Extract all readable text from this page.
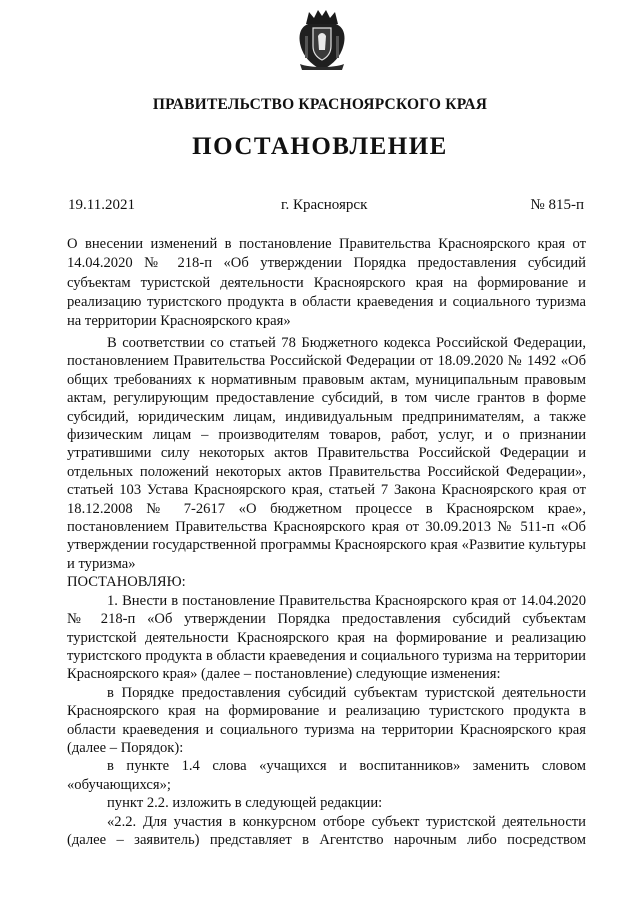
ПРАВИТЕЛЬСТВО КРАСНОЯРСКОГО КРАЯ
ПОСТАНОВЛЕНИЕ
19.11.2021	г. Красноярск	№ 815-п
О внесении изменений в постановление Правительства Красноярского края от 14.04.2020 № 218-п «Об утверждении Порядка предоставления субсидий субъектам туристской деятельности Красноярского края на формирование и реализацию туристского продукта в области краеведения и социального туризма на территории Красноярского края»

В соответствии со статьей 78 Бюджетного кодекса Российской Федерации, постановлением Правительства Российской Федерации от 18.09.2020 № 1492 «Об общих требованиях к нормативным правовым актам, муниципальным правовым актам, регулирующим предоставление субсидий, в том числе грантов в форме субсидий, юридическим лицам, индивидуальным предпринимателям, а также физическим лицам – производителям товаров, работ, услуг, и о признании утратившими силу некоторых актов Правительства Российской Федерации и отдельных положений некоторых актов Правительства Российской Федерации», статьей 103 Устава Красноярского края, статьей 7 Закона Красноярского края от 18.12.2008 № 7-2617 «О бюджетном процессе в Красноярском крае», постановлением Правительства Красноярского края от 30.09.2013 № 511-п «Об утверждении государственной программы Красноярского края «Развитие культуры и туризма»

ПОСТАНОВЛЯЮ:

1. Внести в постановление Правительства Красноярского края от 14.04.2020 № 218-п «Об утверждении Порядка предоставления субсидий субъектам туристской деятельности Красноярского края на формирование и реализацию туристского продукта в области краеведения и социального туризма на территории Красноярского края» (далее – постановление) следующие изменения:

в Порядке предоставления субсидий субъектам туристской деятельности Красноярского края на формирование и реализацию туристского продукта в области краеведения и социального туризма на территории Красноярского края (далее – Порядок):

в пункте 1.4 слова «учащихся и воспитанников» заменить словом «обучающихся»;

пункт 2.2. изложить в следующей редакции:

«2.2. Для участия в конкурсном отборе субъект туристской деятельности (далее – заявитель) представляет в Агентство нарочным либо посредством
